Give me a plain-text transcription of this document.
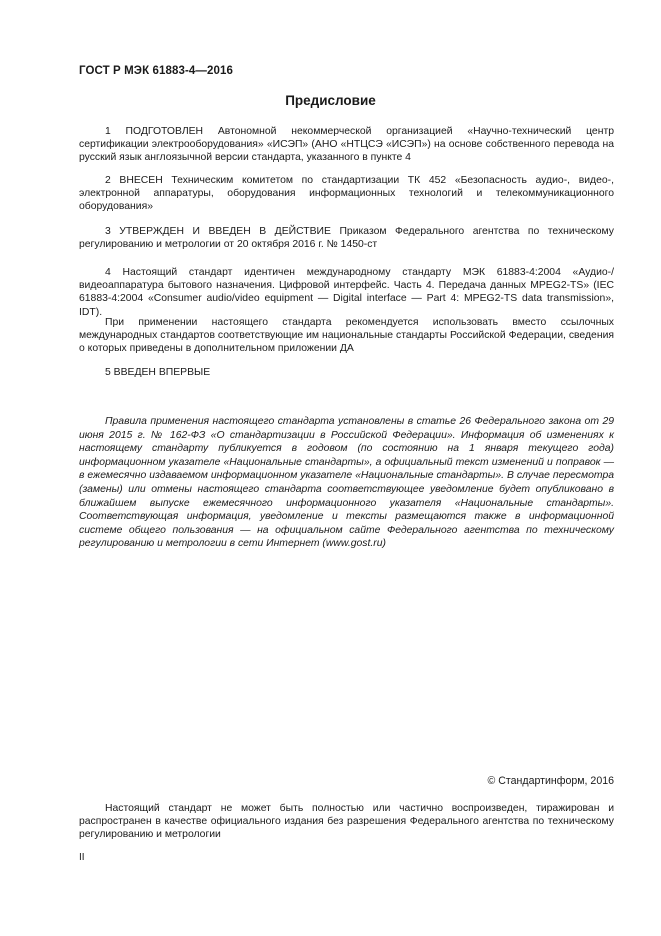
ГОСТ Р МЭК 61883-4—2016
Предисловие

1 ПОДГОТОВЛЕН Автономной некоммерческой организацией «Научно-технический центр сертификации электрооборудования» «ИСЭП» (АНО «НТЦСЭ «ИСЭП») на основе собственного перевода на русский язык англоязычной версии стандарта, указанного в пункте 4

2 ВНЕСЕН Техническим комитетом по стандартизации ТК 452 «Безопасность аудио-, видео-, электронной аппаратуры, оборудования информационных технологий и телекоммуникационного оборудования»

3 УТВЕРЖДЕН И ВВЕДЕН В ДЕЙСТВИЕ Приказом Федерального агентства по техническому регулированию и метрологии от 20 октября 2016 г. № 1450-ст

4 Настоящий стандарт идентичен международному стандарту МЭК 61883-4:2004 «Аудио-/видеоаппаратура бытового назначения. Цифровой интерфейс. Часть 4. Передача данных MPEG2-TS» (IEC 61883-4:2004 «Consumer audio/video equipment — Digital interface — Part 4: MPEG2-TS data transmission», IDT).

При применении настоящего стандарта рекомендуется использовать вместо ссылочных международных стандартов соответствующие им национальные стандарты Российской Федерации, сведения о которых приведены в дополнительном приложении ДА

5 ВВЕДЕН ВПЕРВЫЕ

Правила применения настоящего стандарта установлены в статье 26 Федерального закона от 29 июня 2015 г. № 162-ФЗ «О стандартизации в Российской Федерации». Информация об изменениях к настоящему стандарту публикуется в годовом (по состоянию на 1 января текущего года) информационном указателе «Национальные стандарты», а официальный текст изменений и поправок — в ежемесячно издаваемом информационном указателе «Национальные стандарты». В случае пересмотра (замены) или отмены настоящего стандарта соответствующее уведомление будет опубликовано в ближайшем выпуске ежемесячного информационного указателя «Национальные стандарты». Соответствующая информация, уведомление и тексты размещаются также в информационной системе общего пользования — на официальном сайте Федерального агентства по техническому регулированию и метрологии в сети Интернет (www.gost.ru)

© Стандартинформ, 2016

Настоящий стандарт не может быть полностью или частично воспроизведен, тиражирован и распространен в качестве официального издания без разрешения Федерального агентства по техническому регулированию и метрологии

II
